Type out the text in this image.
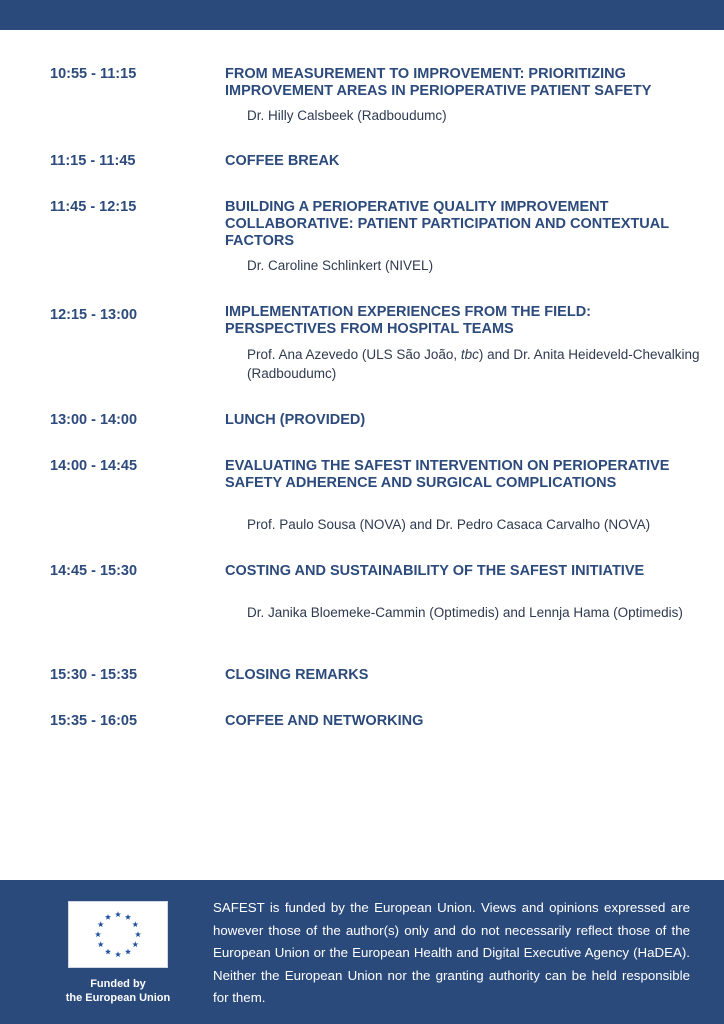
10:55 - 11:15	FROM MEASUREMENT TO IMPROVEMENT: PRIORITIZING IMPROVEMENT AREAS IN PERIOPERATIVE PATIENT SAFETY
Dr. Hilly Calsbeek (Radboudumc)
11:15 - 11:45	COFFEE BREAK
11:45 - 12:15	BUILDING A PERIOPERATIVE QUALITY IMPROVEMENT COLLABORATIVE: PATIENT PARTICIPATION AND CONTEXTUAL FACTORS
Dr. Caroline Schlinkert (NIVEL)
12:15 - 13:00	IMPLEMENTATION EXPERIENCES FROM THE FIELD: PERSPECTIVES FROM HOSPITAL TEAMS
Prof. Ana Azevedo (ULS São João, tbc) and Dr. Anita Heideveld-Chevalking (Radboudumc)
13:00 - 14:00	LUNCH (PROVIDED)
14:00 - 14:45	EVALUATING THE SAFEST INTERVENTION ON PERIOPERATIVE SAFETY ADHERENCE AND SURGICAL COMPLICATIONS
Prof. Paulo Sousa (NOVA) and Dr. Pedro Casaca Carvalho (NOVA)
14:45 - 15:30	COSTING AND SUSTAINABILITY OF THE SAFEST INITIATIVE
Dr. Janika Bloemeke-Cammin (Optimedis) and Lennja Hama (Optimedis)
15:30 - 15:35	CLOSING REMARKS
15:35 - 16:05	COFFEE AND NETWORKING
Funded by
the European Union
SAFEST is funded by the European Union. Views and opinions expressed are however those of the author(s) only and do not necessarily reflect those of the European Union or the European Health and Digital Executive Agency (HaDEA). Neither the European Union nor the granting authority can be held responsible for them.
